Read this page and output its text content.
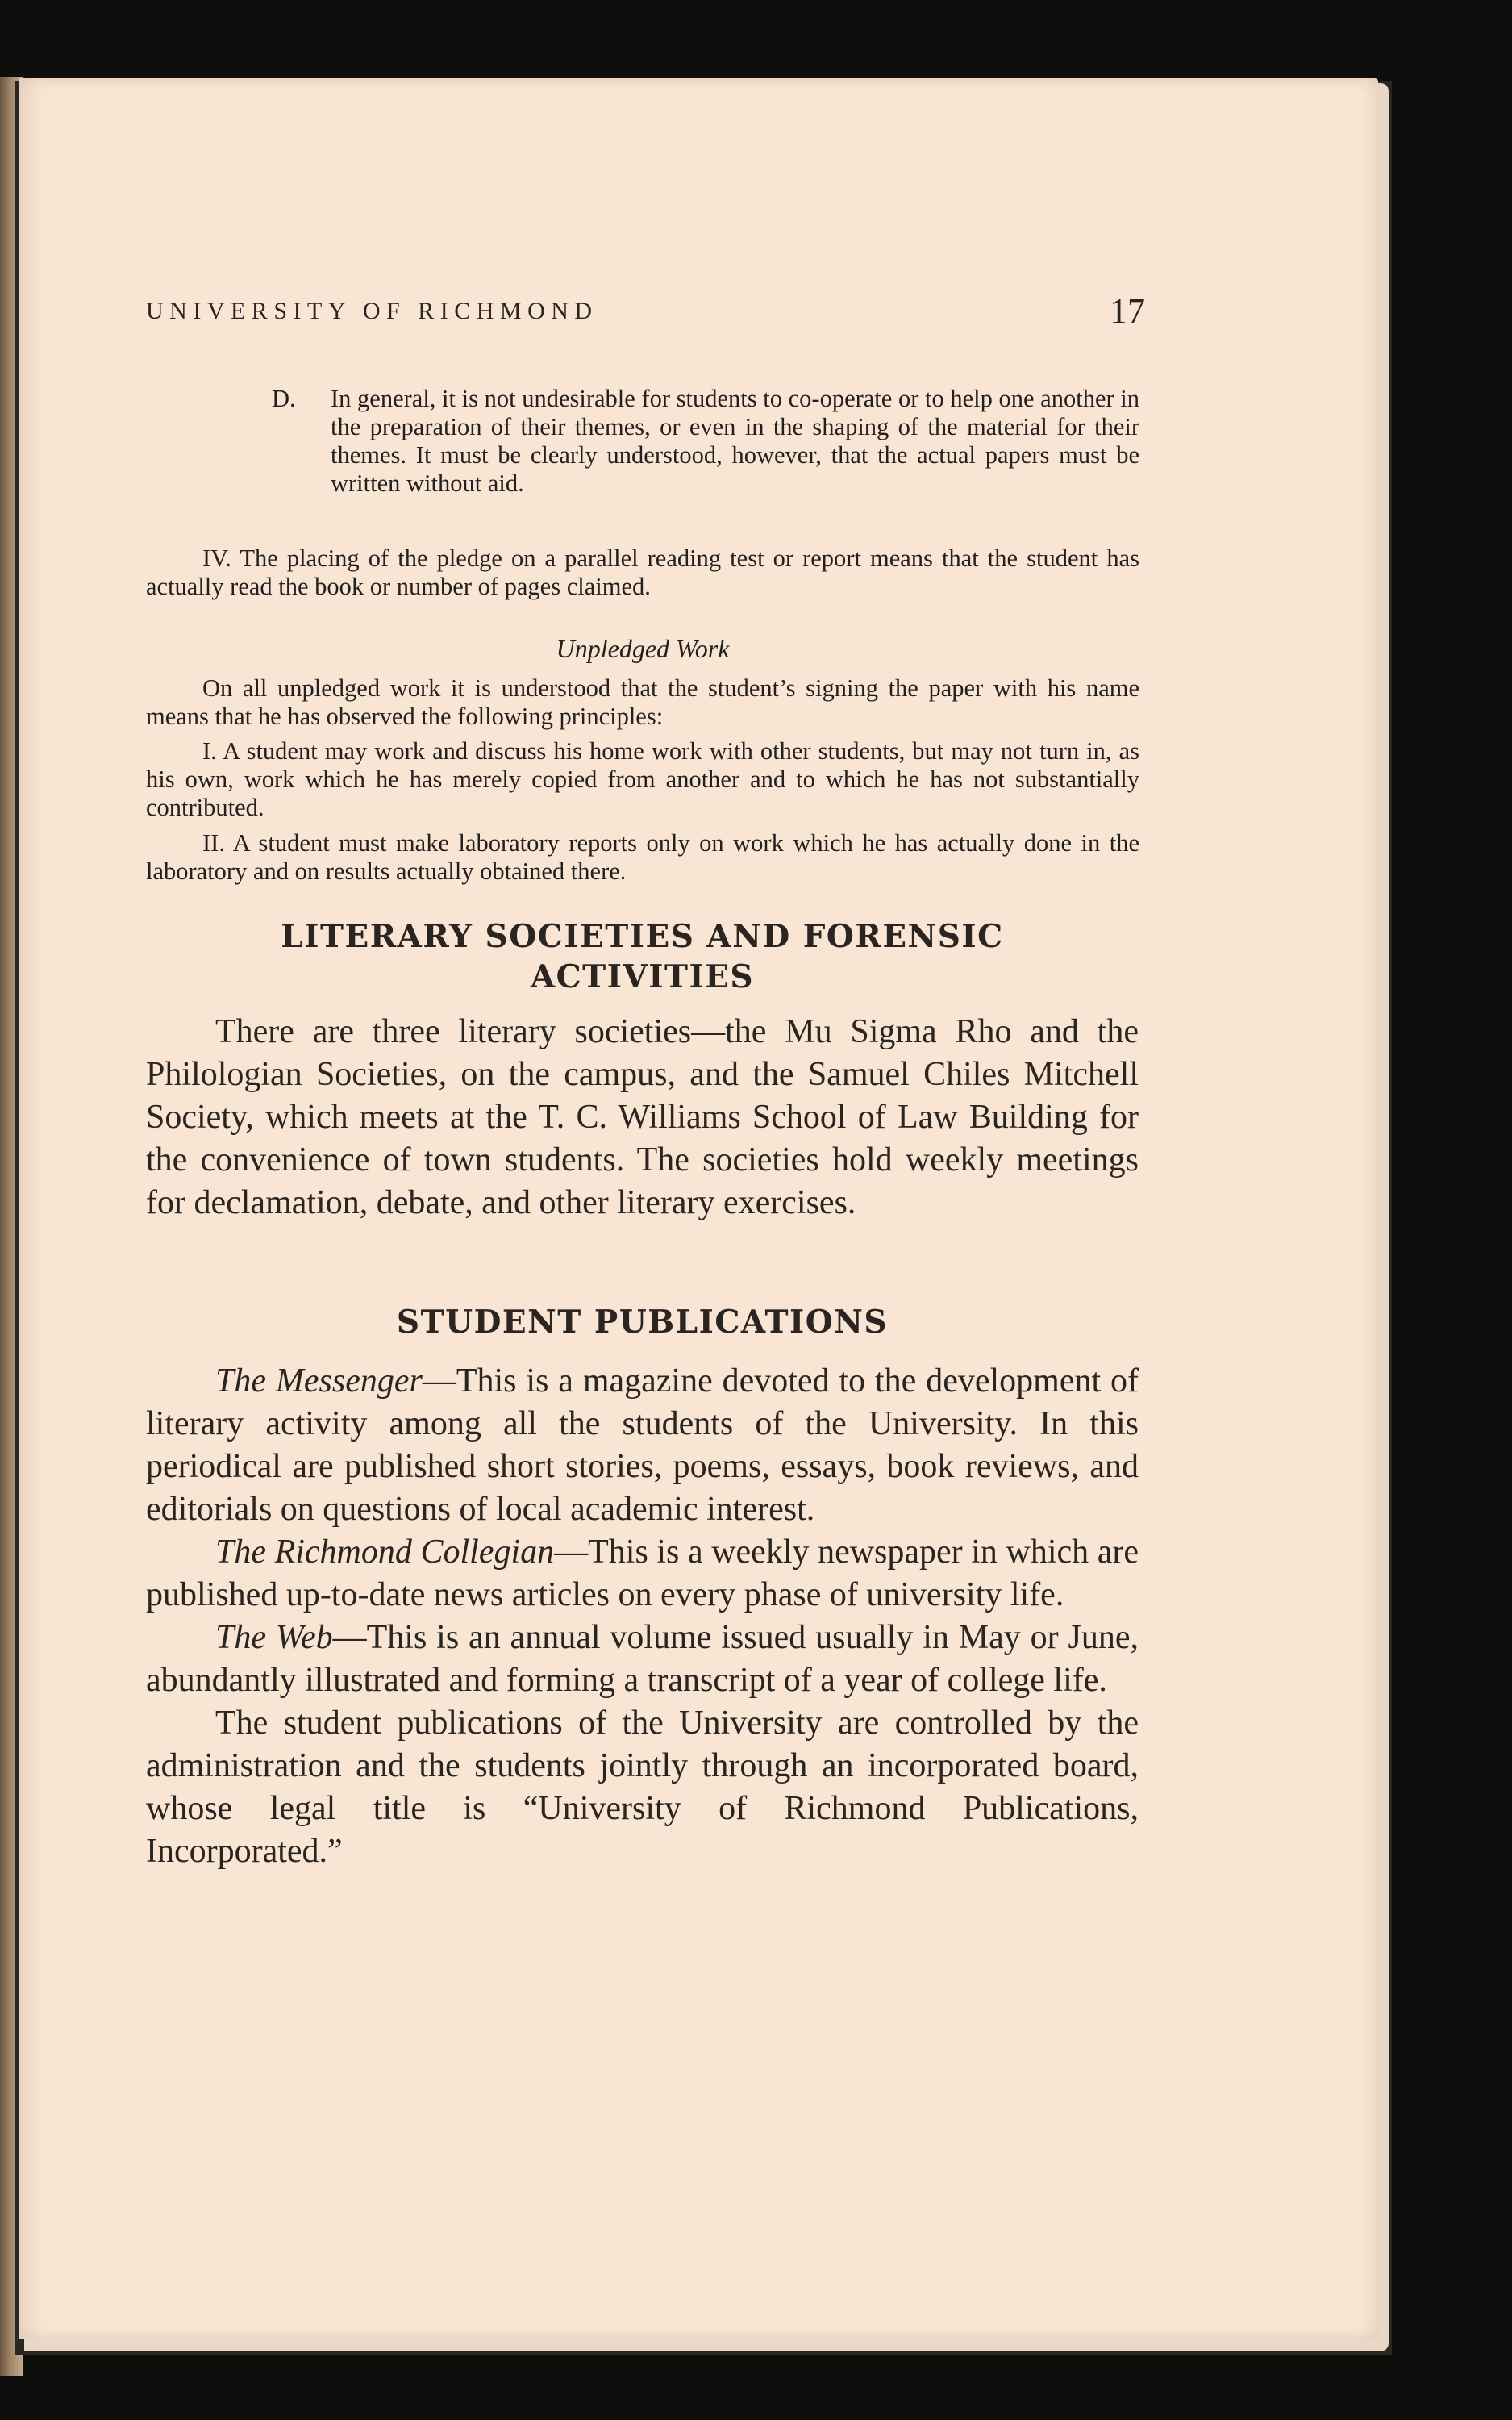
UNIVERSITY OF RICHMOND	17
D. In general, it is not undesirable for students to co-operate or to help one another in the preparation of their themes, or even in the shaping of the material for their themes. It must be clearly understood, however, that the actual papers must be written without aid.

IV. The placing of the pledge on a parallel reading test or report means that the student has actually read the book or number of pages claimed.

Unpledged Work

On all unpledged work it is understood that the student’s signing the paper with his name means that he has observed the following principles:

I. A student may work and discuss his home work with other students, but may not turn in, as his own, work which he has merely copied from another and to which he has not substantially contributed.

II. A student must make laboratory reports only on work which he has actually done in the laboratory and on results actually obtained there.

LITERARY SOCIETIES AND FORENSIC
ACTIVITIES

There are three literary societies—the Mu Sigma Rho and the Philologian Societies, on the campus, and the Samuel Chiles Mitchell Society, which meets at the T. C. Williams School of Law Building for the convenience of town students. The societies hold weekly meetings for declamation, debate, and other literary exercises.

STUDENT PUBLICATIONS

The Messenger—This is a magazine devoted to the development of literary activity among all the students of the University. In this periodical are published short stories, poems, essays, book reviews, and editorials on questions of local academic interest.

The Richmond Collegian—This is a weekly newspaper in which are published up-to-date news articles on every phase of university life.

The Web—This is an annual volume issued usually in May or June, abundantly illustrated and forming a transcript of a year of college life.

The student publications of the University are controlled by the administration and the students jointly through an incorporated board, whose legal title is “University of Richmond Publications, Incorporated.”
